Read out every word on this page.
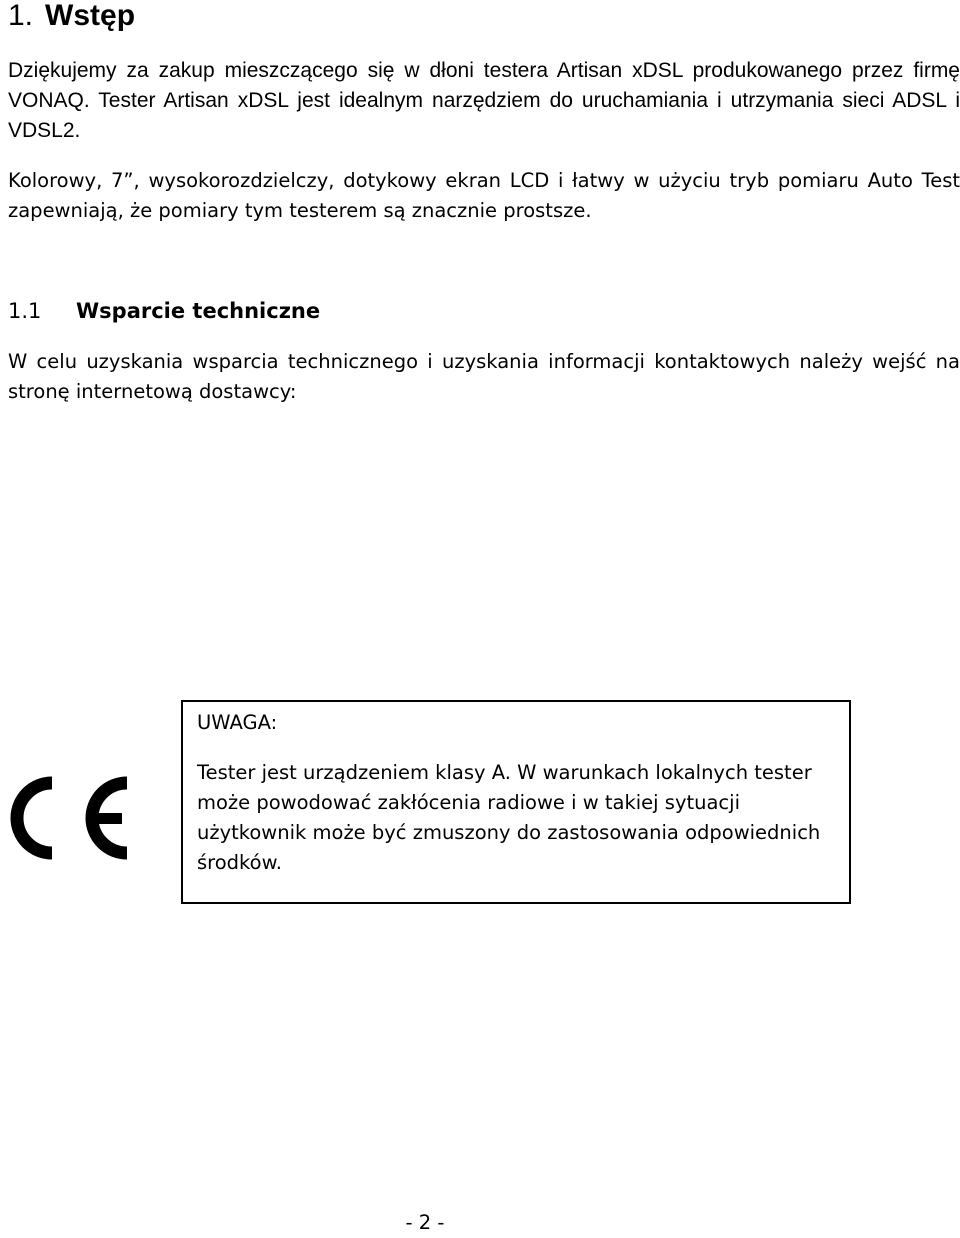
1. Wstęp
Dziękujemy za zakup mieszczącego się w dłoni testera Artisan xDSL produkowanego przez firmę VONAQ. Tester Artisan xDSL jest idealnym narzędziem do uruchamiania i utrzymania sieci ADSL i VDSL2.
Kolorowy, 7”, wysokorozdzielczy, dotykowy ekran LCD i łatwy w użyciu tryb pomiaru Auto Test zapewniają, że pomiary tym testerem są znacznie prostsze.
1.1 Wsparcie techniczne
W celu uzyskania wsparcia technicznego i uzyskania informacji kontaktowych należy wejść na stronę internetową dostawcy:
UWAGA:
Tester jest urządzeniem klasy A. W warunkach lokalnych tester może powodować zakłócenia radiowe i w takiej sytuacji użytkownik może być zmuszony do zastosowania odpowiednich środków.
- 2 -
